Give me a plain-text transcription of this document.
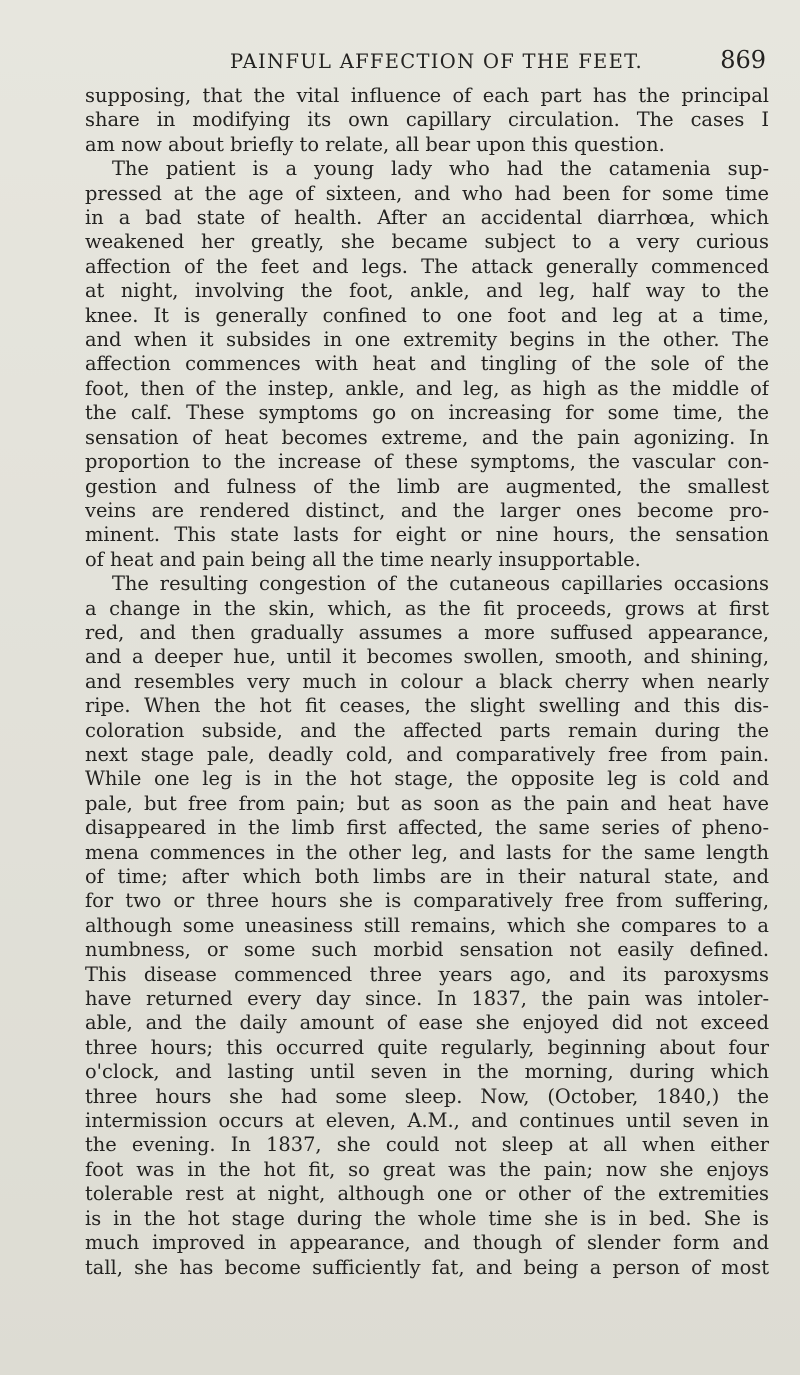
PAINFUL AFFECTION OF THE FEET.	869
supposing, that the vital influence of each part has the principal
share in modifying its own capillary circulation. The cases I
am now about briefly to relate, all bear upon this question.
The patient is a young lady who had the catamenia sup-
pressed at the age of sixteen, and who had been for some time
in a bad state of health. After an accidental diarrhœa, which
weakened her greatly, she became subject to a very curious
affection of the feet and legs. The attack generally commenced
at night, involving the foot, ankle, and leg, half way to the
knee. It is generally confined to one foot and leg at a time,
and when it subsides in one extremity begins in the other. The
affection commences with heat and tingling of the sole of the
foot, then of the instep, ankle, and leg, as high as the middle of
the calf. These symptoms go on increasing for some time, the
sensation of heat becomes extreme, and the pain agonizing. In
proportion to the increase of these symptoms, the vascular con-
gestion and fulness of the limb are augmented, the smallest
veins are rendered distinct, and the larger ones become pro-
minent. This state lasts for eight or nine hours, the sensation
of heat and pain being all the time nearly insupportable.
The resulting congestion of the cutaneous capillaries occasions
a change in the skin, which, as the fit proceeds, grows at first
red, and then gradually assumes a more suffused appearance,
and a deeper hue, until it becomes swollen, smooth, and shining,
and resembles very much in colour a black cherry when nearly
ripe. When the hot fit ceases, the slight swelling and this dis-
coloration subside, and the affected parts remain during the
next stage pale, deadly cold, and comparatively free from pain.
While one leg is in the hot stage, the opposite leg is cold and
pale, but free from pain; but as soon as the pain and heat have
disappeared in the limb first affected, the same series of pheno-
mena commences in the other leg, and lasts for the same length
of time; after which both limbs are in their natural state, and
for two or three hours she is comparatively free from suffering,
although some uneasiness still remains, which she compares to a
numbness, or some such morbid sensation not easily defined.
This disease commenced three years ago, and its paroxysms
have returned every day since. In 1837, the pain was intoler-
able, and the daily amount of ease she enjoyed did not exceed
three hours; this occurred quite regularly, beginning about four
o'clock, and lasting until seven in the morning, during which
three hours she had some sleep. Now, (October, 1840,) the
intermission occurs at eleven, A.M., and continues until seven in
the evening. In 1837, she could not sleep at all when either
foot was in the hot fit, so great was the pain; now she enjoys
tolerable rest at night, although one or other of the extremities
is in the hot stage during the whole time she is in bed. She is
much improved in appearance, and though of slender form and
tall, she has become sufficiently fat, and being a person of most
